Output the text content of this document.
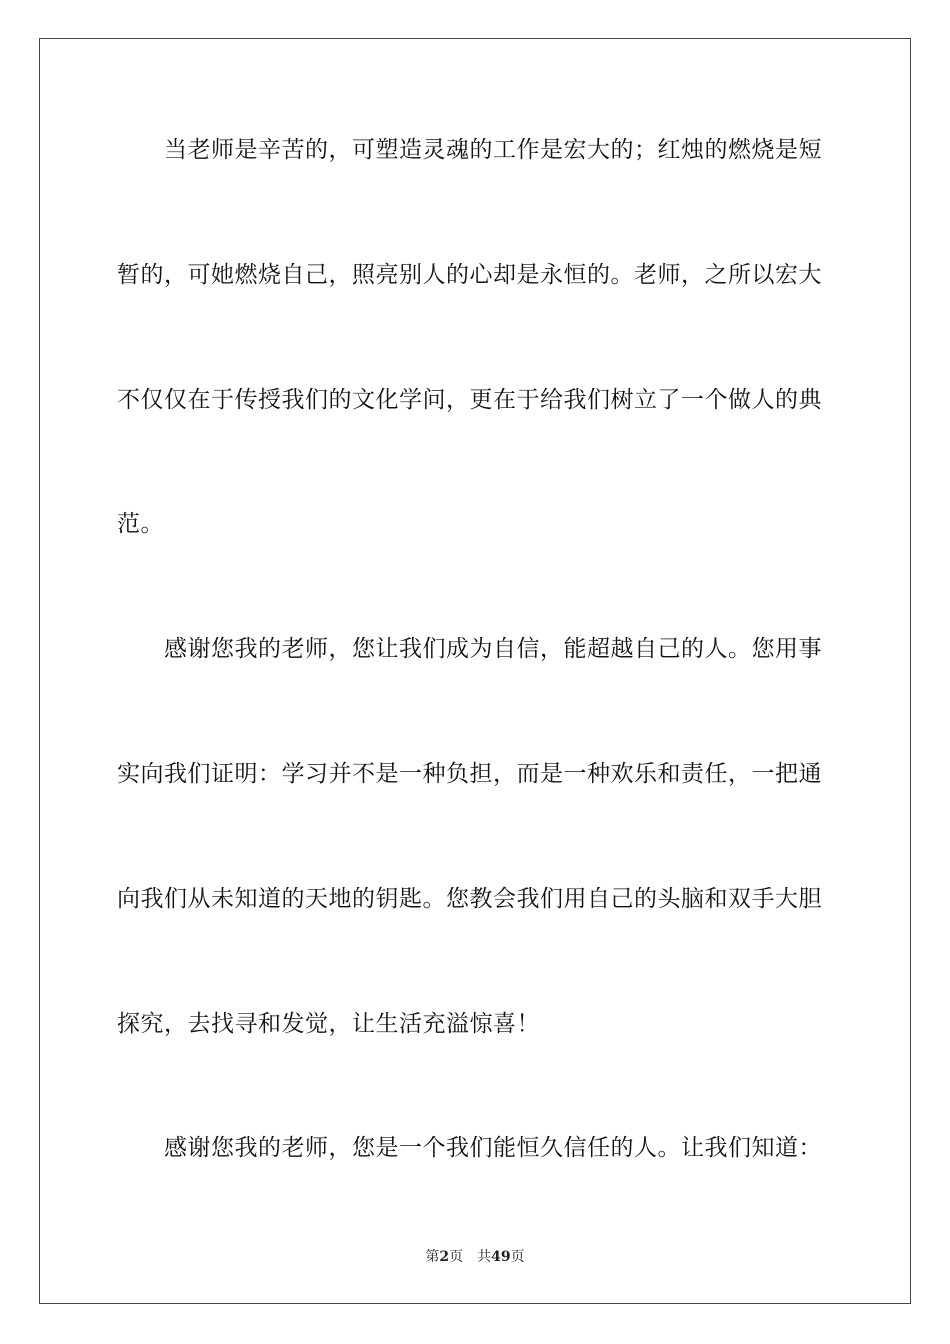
当老师是辛苦的，可塑造灵魂的工作是宏大的；红烛的燃烧是短

暂的，可她燃烧自己，照亮别人的心却是永恒的。老师，之所以宏大

不仅仅在于传授我们的文化学问，更在于给我们树立了一个做人的典

范。

感谢您我的老师，您让我们成为自信，能超越自己的人。您用事

实向我们证明：学习并不是一种负担，而是一种欢乐和责任，一把通

向我们从未知道的天地的钥匙。您教会我们用自己的头脑和双手大胆

探究，去找寻和发觉，让生活充溢惊喜！

感谢您我的老师，您是一个我们能恒久信任的人。让我们知道：

第2页 共49页
